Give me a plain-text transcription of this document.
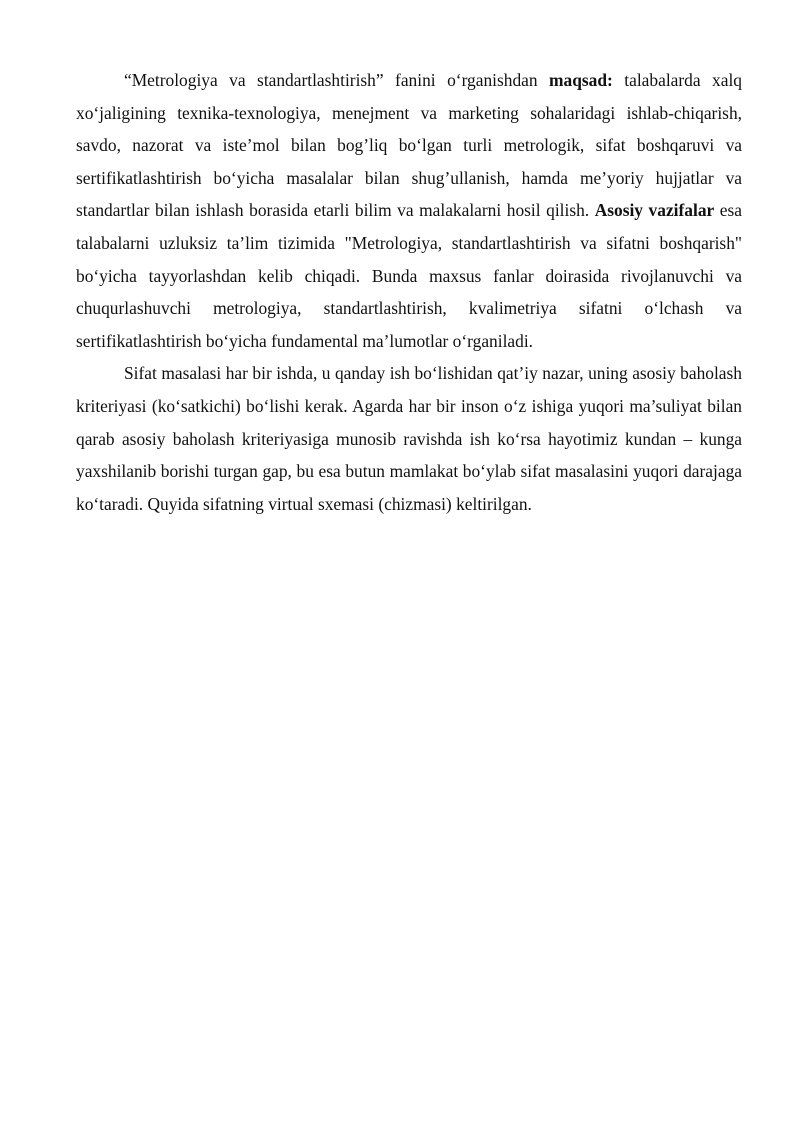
“Metrologiya va standartlashtirish” fanini o‘rganishdan maqsad: talabalarda xalq xo‘jaligining texnika-texnologiya, menejment va marketing sohalaridagi ishlab-chiqarish, savdo, nazorat va iste’mol bilan bog’liq bo‘lgan turli metrologik, sifat boshqaruvi va sertifikatlashtirish bo‘yicha masalalar bilan shug’ullanish, hamda me’yoriy hujjatlar va standartlar bilan ishlash borasida etarli bilim va malakalarni hosil qilish. Asosiy vazifalar esa talabalarni uzluksiz ta’lim tizimida "Metrologiya, standartlashtirish va sifatni boshqarish" bo‘yicha tayyorlashdan kelib chiqadi. Bunda maxsus fanlar doirasida rivojlanuvchi va chuqurlashuvchi metrologiya, standartlashtirish, kvalimetriya sifatni o‘lchash va sertifikatlashtirish bo‘yicha fundamental ma’lumotlar o‘rganiladi.

Sifat masalasi har bir ishda, u qanday ish bo‘lishidan qat’iy nazar, uning asosiy baholash kriteriyasi (ko‘satkichi) bo‘lishi kerak. Agarda har bir inson o‘z ishiga yuqori ma’suliyat bilan qarab asosiy baholash kriteriyasiga munosib ravishda ish ko‘rsa hayotimiz kundan – kunga yaxshilanib borishi turgan gap, bu esa butun mamlakat bo‘ylab sifat masalasini yuqori darajaga ko‘taradi. Quyida sifatning virtual sxemasi (chizmasi) keltirilgan.
